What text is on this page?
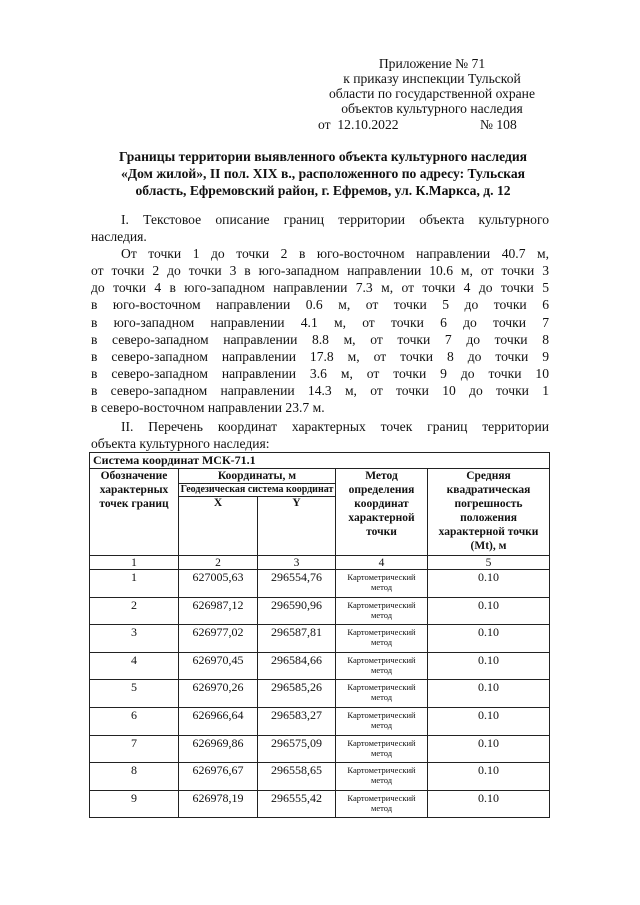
Приложение № 71
к приказу инспекции Тульской
области по государственной охране
объектов культурного наследия
от 12.10.2022	№ 108
Границы территории выявленного объекта культурного наследия
«Дом жилой», II пол. XIX в., расположенного по адресу: Тульская
область, Ефремовский район, г. Ефремов, ул. К.Маркса, д. 12
I. Текстовое описание границ территории объекта культурного
наследия.
От точки 1 до точки 2 в юго-восточном направлении 40.7 м,
от точки 2 до точки 3 в юго-западном направлении 10.6 м, от точки 3
до точки 4 в юго-западном направлении 7.3 м, от точки 4 до точки 5
в юго-восточном направлении 0.6 м, от точки 5 до точки 6
в юго-западном направлении 4.1 м, от точки 6 до точки 7
в северо-западном направлении 8.8 м, от точки 7 до точки 8
в северо-западном направлении 17.8 м, от точки 8 до точки 9
в северо-западном направлении 3.6 м, от точки 9 до точки 10
в северо-западном направлении 14.3 м, от точки 10 до точки 1
в северо-восточном направлении 23.7 м.
II. Перечень координат характерных точек границ территории
объекта культурного наследия:
Система координат МСК-71.1				
Обозначение характерных точек границ	Координаты, м		Метод определения координат характерной точки	Средняя квадратическая погрешность положения характерной точки (Mt), м
	Геодезическая система координат			
	X	Y		
1	2	3	4	5
1	627005,63	296554,76	Картометрический метод	0.10
2	626987,12	296590,96	Картометрический метод	0.10
3	626977,02	296587,81	Картометрический метод	0.10
4	626970,45	296584,66	Картометрический метод	0.10
5	626970,26	296585,26	Картометрический метод	0.10
6	626966,64	296583,27	Картометрический метод	0.10
7	626969,86	296575,09	Картометрический метод	0.10
8	626976,67	296558,65	Картометрический метод	0.10
9	626978,19	296555,42	Картометрический метод	0.10
